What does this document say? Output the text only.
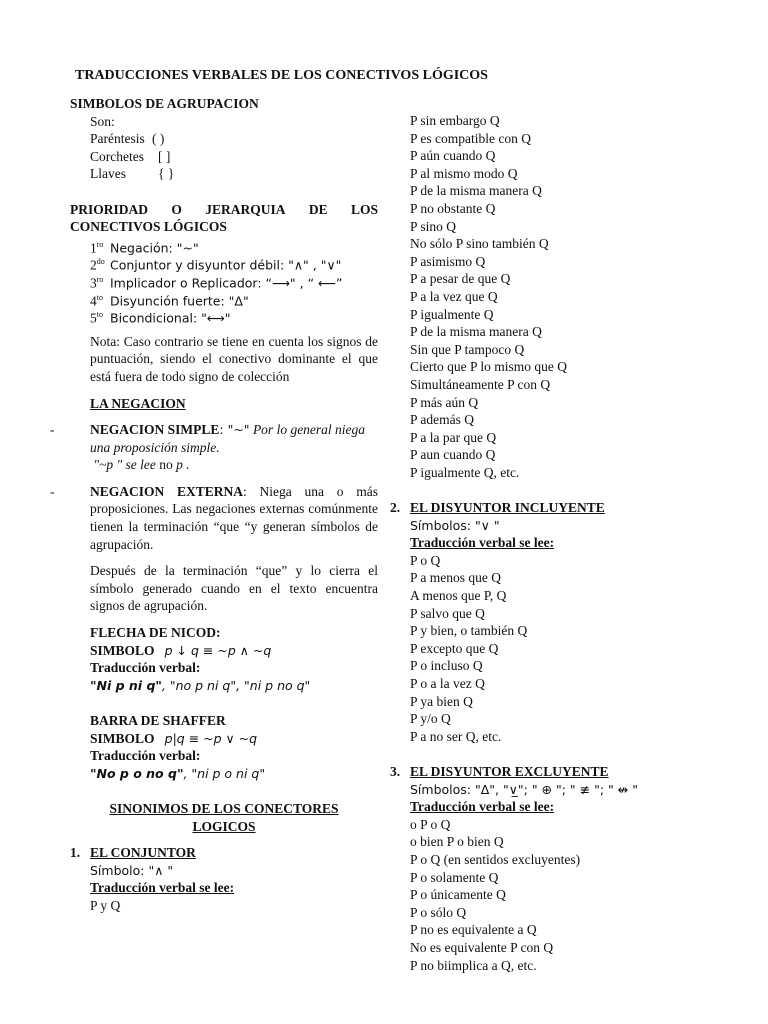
TRADUCCIONES VERBALES DE LOS CONECTIVOS LÓGICOS
SIMBOLOS DE AGRUPACION
Son:
Paréntesis ( )
Corchetes [ ]
Llaves { }
PRIORIDAD O JERARQUIA DE LOS
CONECTIVOS LÓGICOS
$1^{ro}$ Negación: "~"
$2^{do}$ Conjuntor y disyuntor débil: "∧" , "∨"
$3^{ro}$ Implicador o Replicador: “⟶" , “ ⟵”
$4^{to}$ Disyunción fuerte: "Δ"
$5^{to}$ Bicondicional: "⟷"
Nota: Caso contrario se tiene en cuenta los signos de puntuación, siendo el conectivo dominante el que está fuera de todo signo de colección
LA NEGACION
-	NEGACION SIMPLE: "~" Por lo general niega una proposición simple.
"~p " se lee no p .
-	NEGACION EXTERNA: Niega una o más proposiciones. Las negaciones externas comúnmente tienen la terminación “que “y generan símbolos de agrupación.
Después de la terminación “que” y lo cierra el símbolo generado cuando en el texto encuentra signos de agrupación.
FLECHA DE NICOD:
SIMBOLO p ↓ q ≡ ~p ∧ ~q
Traducción verbal:
"Ni p ni q", "no p ni q", "ni p no q"
BARRA DE SHAFFER
SIMBOLO p|q ≡ ~p ∨ ~q
Traducción verbal:
"No p o no q", "ni p o ni q"
SINONIMOS DE LOS CONECTORES LOGICOS
1. EL CONJUNTOR
Símbolo: "∧ "
Traducción verbal se lee:
P y Q
P sin embargo Q
P es compatible con Q
P aún cuando Q
P al mismo modo Q
P de la misma manera Q
P no obstante Q
P sino Q
No sólo P sino también Q
P asimismo Q
P a pesar de que Q
P a la vez que Q
P igualmente Q
P de la misma manera Q
Sin que P tampoco Q
Cierto que P lo mismo que Q
Simultáneamente P con Q
P más aún Q
P además Q
P a la par que Q
P aun cuando Q
P igualmente Q, etc.
2. EL DISYUNTOR INCLUYENTE
Símbolos: "∨ "
Traducción verbal se lee:
P o Q
P a menos que Q
A menos que P, Q
P salvo que Q
P y bien, o también Q
P excepto que Q
P o incluso Q
P o a la vez Q
P ya bien Q
P y/o Q
P a no ser Q, etc.
3. EL DISYUNTOR EXCLUYENTE
Símbolos: "Δ", "∨̲"; " ⊕ "; " ≢ "; " ↮ "
Traducción verbal se lee:
o P o Q
o bien P o bien Q
P o Q (en sentidos excluyentes)
P o solamente Q
P o únicamente Q
P o sólo Q
P no es equivalente a Q
No es equivalente P con Q
P no biimplica a Q, etc.
